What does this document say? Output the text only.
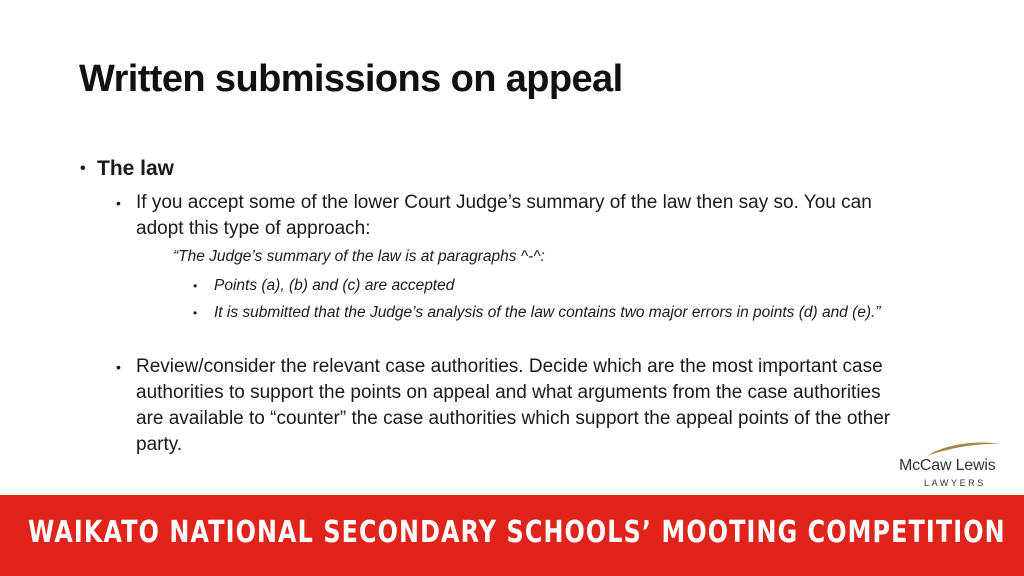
Written submissions on appeal
• The law
• If you accept some of the lower Court Judge’s summary of the law then say so. You can adopt this type of approach:
“The Judge’s summary of the law is at paragraphs ^-^:
• Points (a), (b) and (c) are accepted
• It is submitted that the Judge’s analysis of the law contains two major errors in points (d) and (e).”
• Review/consider the relevant case authorities. Decide which are the most important case authorities to support the points on appeal and what arguments from the case authorities are available to “counter” the case authorities which support the appeal points of the other party.
McCaw Lewis
LAWYERS
WAIKATO NATIONAL SECONDARY SCHOOLS’ MOOTING COMPETITION
